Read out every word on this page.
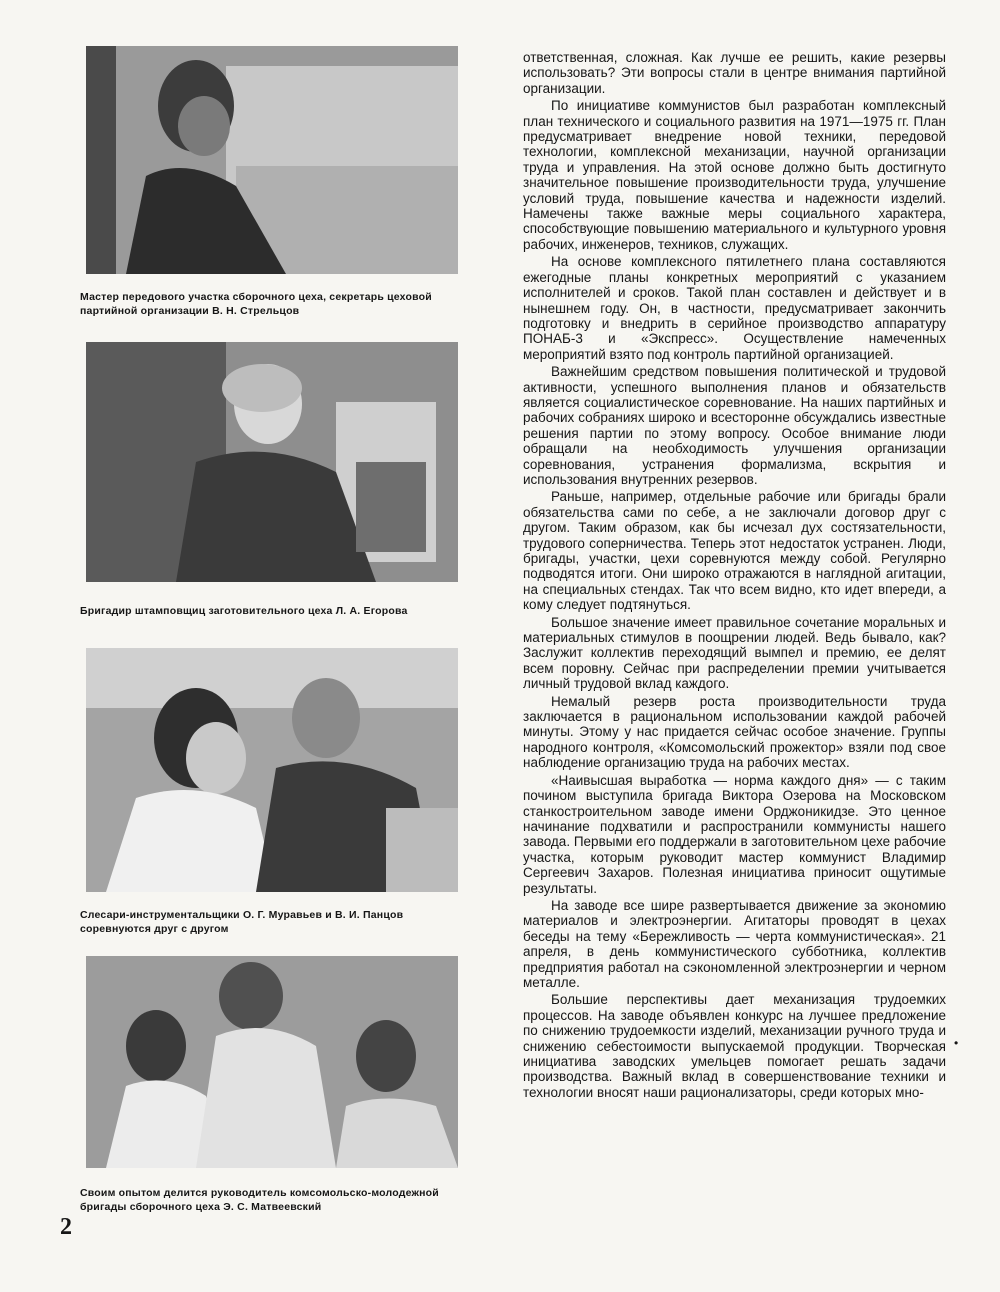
Мастер передового участка сборочного цеха, секретарь цеховой партийной организации В. Н. Стрельцов
Бригадир штамповщиц заготовительного цеха Л. А. Егорова
Слесари-инструментальщики О. Г. Муравьев и В. И. Панцов соревнуются друг с другом
Своим опытом делится руководитель комсомольско-молодежной бригады сборочного цеха Э. С. Матвеевский
2

ответственная, сложная. Как лучше ее решить, какие резервы использовать? Эти вопросы стали в центре внимания партийной организации.

По инициативе коммунистов был разработан комплексный план технического и социального развития на 1971—1975 гг. План предусматривает внедрение новой техники, передовой технологии, комплексной механизации, научной организации труда и управления. На этой основе должно быть достигнуто значительное повышение производительности труда, улучшение условий труда, повышение качества и надежности изделий. Намечены также важные меры социального характера, способствующие повышению материального и культурного уровня рабочих, инженеров, техников, служащих.

На основе комплексного пятилетнего плана составляются ежегодные планы конкретных мероприятий с указанием исполнителей и сроков. Такой план составлен и действует и в нынешнем году. Он, в частности, предусматривает закончить подготовку и внедрить в серийное производство аппаратуру ПОНАБ-3 и «Экспресс». Осуществление намеченных мероприятий взято под контроль партийной организацией.

Важнейшим средством повышения политической и трудовой активности, успешного выполнения планов и обязательств является социалистическое соревнование. На наших партийных и рабочих собраниях широко и всесторонне обсуждались известные решения партии по этому вопросу. Особое внимание люди обращали на необходимость улучшения организации соревнования, устранения формализма, вскрытия и использования внутренних резервов.

Раньше, например, отдельные рабочие или бригады брали обязательства сами по себе, а не заключали договор друг с другом. Таким образом, как бы исчезал дух состязательности, трудового соперничества. Теперь этот недостаток устранен. Люди, бригады, участки, цехи соревнуются между собой. Регулярно подводятся итоги. Они широко отражаются в наглядной агитации, на специальных стендах. Так что всем видно, кто идет впереди, а кому следует подтянуться.

Большое значение имеет правильное сочетание моральных и материальных стимулов в поощрении людей. Ведь бывало, как? Заслужит коллектив переходящий вымпел и премию, ее делят всем поровну. Сейчас при распределении премии учитывается личный трудовой вклад каждого.

Немалый резерв роста производительности труда заключается в рациональном использовании каждой рабочей минуты. Этому у нас придается сейчас особое значение. Группы народного контроля, «Комсомольский прожектор» взяли под свое наблюдение организацию труда на рабочих местах.

«Наивысшая выработка — норма каждого дня» — с таким почином выступила бригада Виктора Озерова на Московском станкостроительном заводе имени Орджоникидзе. Это ценное начинание подхватили и распространили коммунисты нашего завода. Первыми его поддержали в заготовительном цехе рабочие участка, которым руководит мастер коммунист Владимир Сергеевич Захаров. Полезная инициатива приносит ощутимые результаты.

На заводе все шире развертывается движение за экономию материалов и электроэнергии. Агитаторы проводят в цехах беседы на тему «Бережливость — черта коммунистическая». 21 апреля, в день коммунистического субботника, коллектив предприятия работал на сэкономленной электроэнергии и черном металле.

Большие перспективы дает механизация трудоемких процессов. На заводе объявлен конкурс на лучшее предложение по снижению трудоемкости изделий, механизации ручного труда и снижению себестоимости выпускаемой продукции. Творческая инициатива заводских умельцев помогает решать задачи производства. Важный вклад в совершенствование техники и технологии вносят наши рационализаторы, среди которых мно-

•
